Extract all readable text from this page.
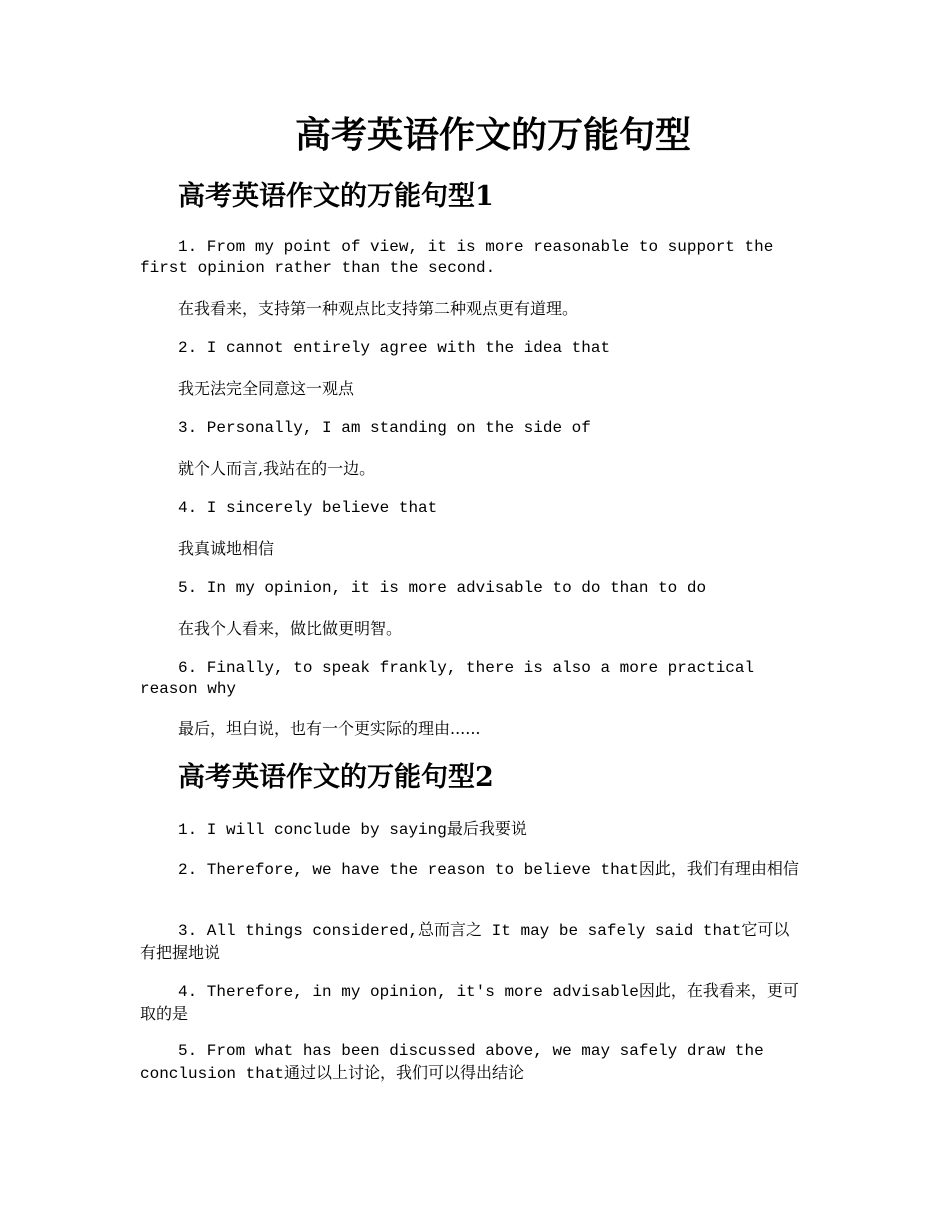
高考英语作文的万能句型
高考英语作文的万能句型1

1. From my point of view, it is more reasonable to support the first opinion rather than the second.

在我看来，支持第一种观点比支持第二种观点更有道理。

2. I cannot entirely agree with the idea that

我无法完全同意这一观点

3. Personally, I am standing on the side of

就个人而言,我站在的一边。

4. I sincerely believe that

我真诚地相信

5. In my opinion, it is more advisable to do than to do

在我个人看来，做比做更明智。

6. Finally, to speak frankly, there is also a more practical reason why

最后，坦白说，也有一个更实际的理由......

高考英语作文的万能句型2

1. I will conclude by saying最后我要说

2. Therefore, we have the reason to believe that因此，我们有理由相信

3. All things considered,总而言之 It may be safely said that它可以有把握地说

4. Therefore, in my opinion, it's more advisable因此，在我看来，更可取的是

5. From what has been discussed above, we may safely draw the conclusion that通过以上讨论，我们可以得出结论
